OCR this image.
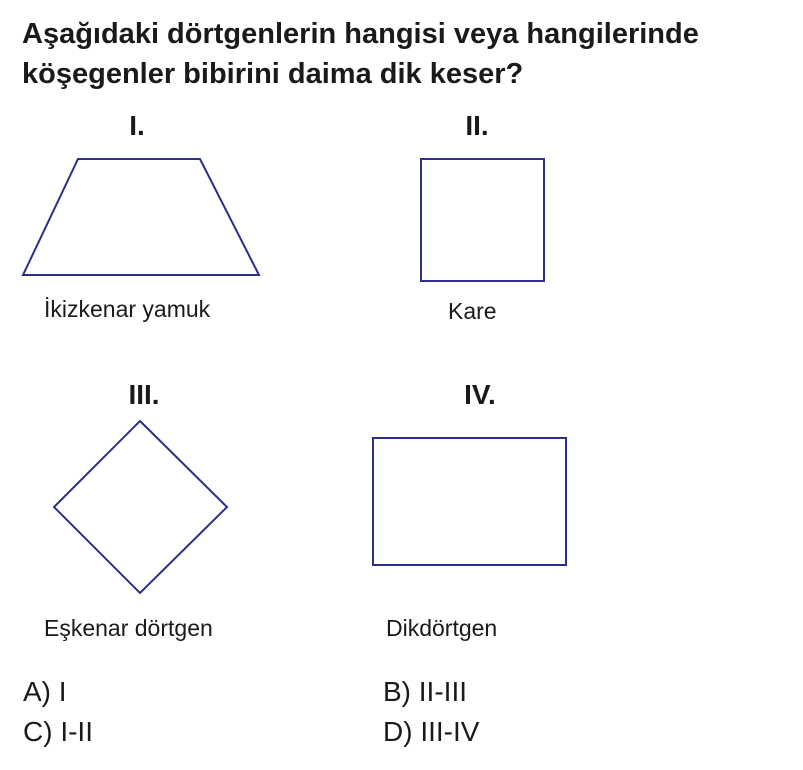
Aşağıdaki dörtgenlerin hangisi veya hangilerinde
köşegenler bibirini daima dik keser?
I.
İkizkenar yamuk
II.
Kare
III.
Eşkenar dörtgen
IV.
Dikdörtgen
A) I	B) II-III
C) I-II	D) III-IV
